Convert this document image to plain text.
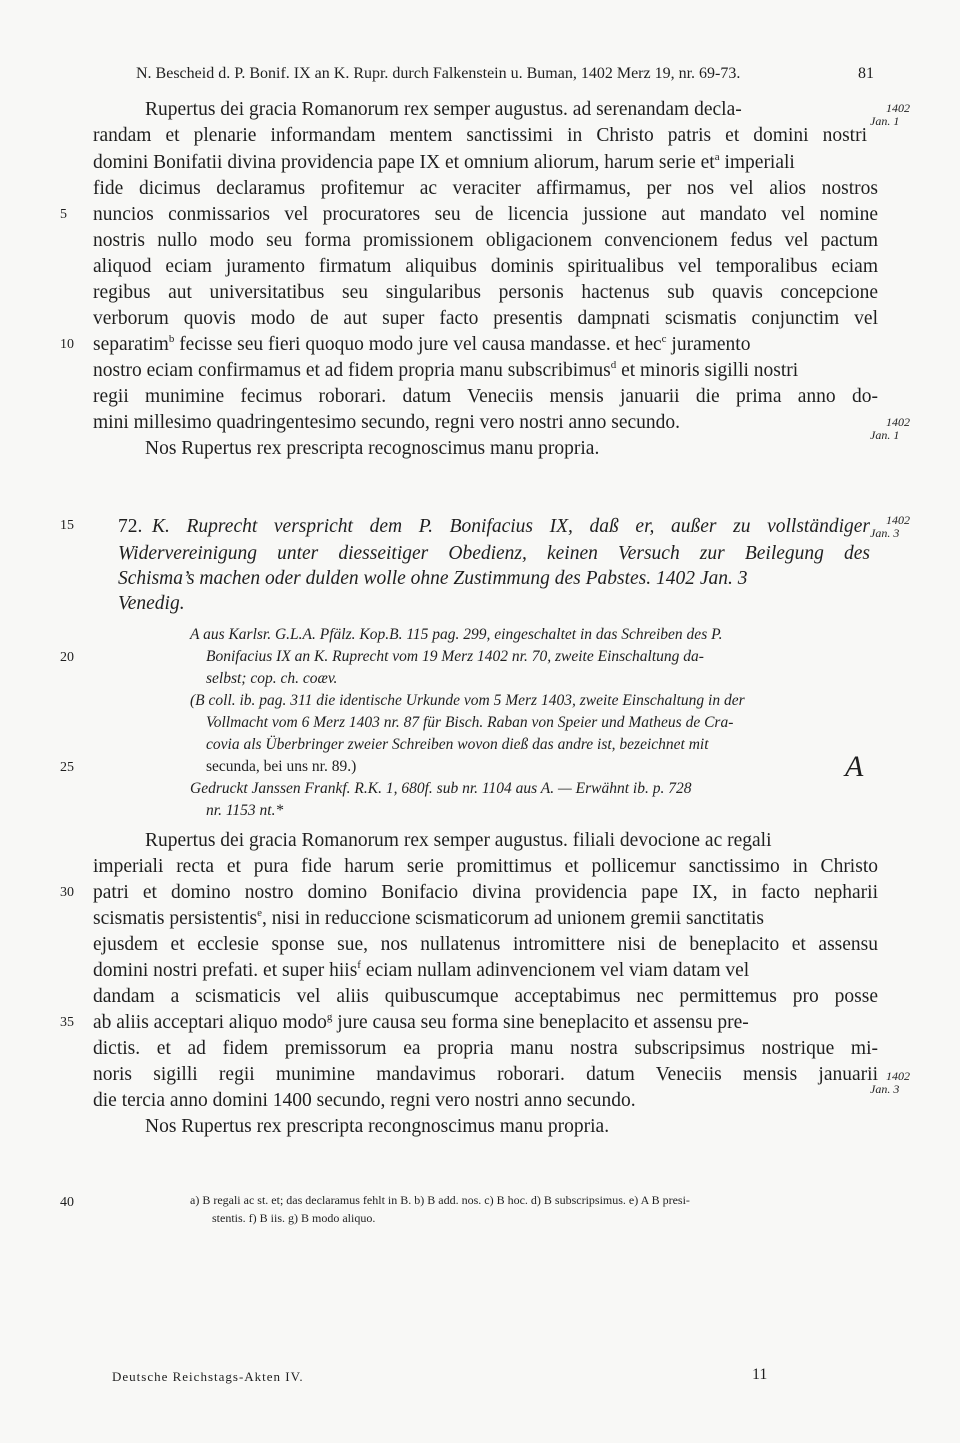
N. Bescheid d. P. Bonif. IX an K. Rupr. durch Falkenstein u. Buman, 1402 Merz 19, nr. 69-73.	81
Rupertus dei gracia Romanorum rex semper augustus. ad serenandam decla-
randam et plenarie informandam mentem sanctissimi in Christo patris et domini nostri
domini Bonifatii divina providencia pape IX et omnium aliorum, harum serie $et^a$ imperiali
fide dicimus declaramus profitemur ac veraciter affirmamus, per nos vel alios nostros
nuncios conmissarios vel procuratores seu de licencia jussione aut mandato vel nomine
nostris nullo modo seu forma promissionem obligacionem convencionem fedus vel pactum
aliquod eciam juramento firmatum aliquibus dominis spiritualibus vel temporalibus eciam
regibus aut universitatibus seu singularibus personis hactenus sub quavis concepcione
verborum quovis modo de aut super facto presentis dampnati scismatis conjunctim vel
separatim$^b$ fecisse seu fieri quoquo modo jure vel causa mandasse. et hec$^c$ juramento
nostro eciam confirmamus et ad fidem propria manu subscribimus$^d$ et minoris sigilli nostri
regii munimine fecimus roborari. datum Veneciis mensis januarii die prima anno do-
mini millesimo quadringentesimo secundo, regni vero nostri anno secundo.
Nos Rupertus rex prescripta recognoscimus manu propria.
72. K. Ruprecht verspricht dem P. Bonifacius IX, daß er, außer zu vollständiger
Widervereinigung unter diesseitiger Obedienz, keinen Versuch zur Beilegung des
Schisma’s machen oder dulden wolle ohne Zustimmung des Pabstes. 1402 Jan. 3
Venedig.
A aus Karlsr. G.L.A. Pfälz. Kop.B. 115 pag. 299, eingeschaltet in das Schreiben des P.
Bonifacius IX an K. Ruprecht vom 19 Merz 1402 nr. 70, zweite Einschaltung da-
selbst; cop. ch. coæv.
(B coll. ib. pag. 311 die identische Urkunde vom 5 Merz 1403, zweite Einschaltung in der
Vollmacht vom 6 Merz 1403 nr. 87 für Bisch. Raban von Speier und Matheus de Cra-
covia als Überbringer zweier Schreiben wovon dieß das andre ist, bezeichnet mit
secunda, bei uns nr. 89.)
Gedruckt Janssen Frankf. R.K. 1, 680f. sub nr. 1104 aus A. — Erwähnt ib. p. 728
nr. 1153 nt.*
A
Rupertus dei gracia Romanorum rex semper augustus. filiali devocione ac regali
imperiali recta et pura fide harum serie promittimus et pollicemur sanctissimo in Christo
patri et domino nostro domino Bonifacio divina providencia pape IX, in facto nepharii
scismatis persistentis$^e$, nisi in reduccione scismaticorum ad unionem gremii sanctitatis
ejusdem et ecclesie sponse sue, nos nullatenus intromittere nisi de beneplacito et assensu
domini nostri prefati. et super hiis$^f$ eciam nullam adinvencionem vel viam datam vel
dandam a scismaticis vel aliis quibuscumque acceptabimus nec permittemus pro posse
ab aliis acceptari aliquo modo$^g$ jure causa seu forma sine beneplacito et assensu pre-
dictis. et ad fidem premissorum ea propria manu nostra subscripsimus nostrique mi-
noris sigilli regii munimine mandavimus roborari. datum Veneciis mensis januarii
die tercia anno domini 1400 secundo, regni vero nostri anno secundo.
Nos Rupertus rex prescripta recongnoscimus manu propria.
a) B regali ac st. et; das declaramus fehlt in B. b) B add. nos. c) B hoc. d) B subscripsimus. e) A B presi-
stentis. f) B iis. g) B modo aliquo.
1402
Jan. 1
1402
Jan. 1
1402
Jan. 3
1402
Jan. 3
5
10
15
20
25
30
35
40
Deutsche Reichstags-Akten IV.	11
